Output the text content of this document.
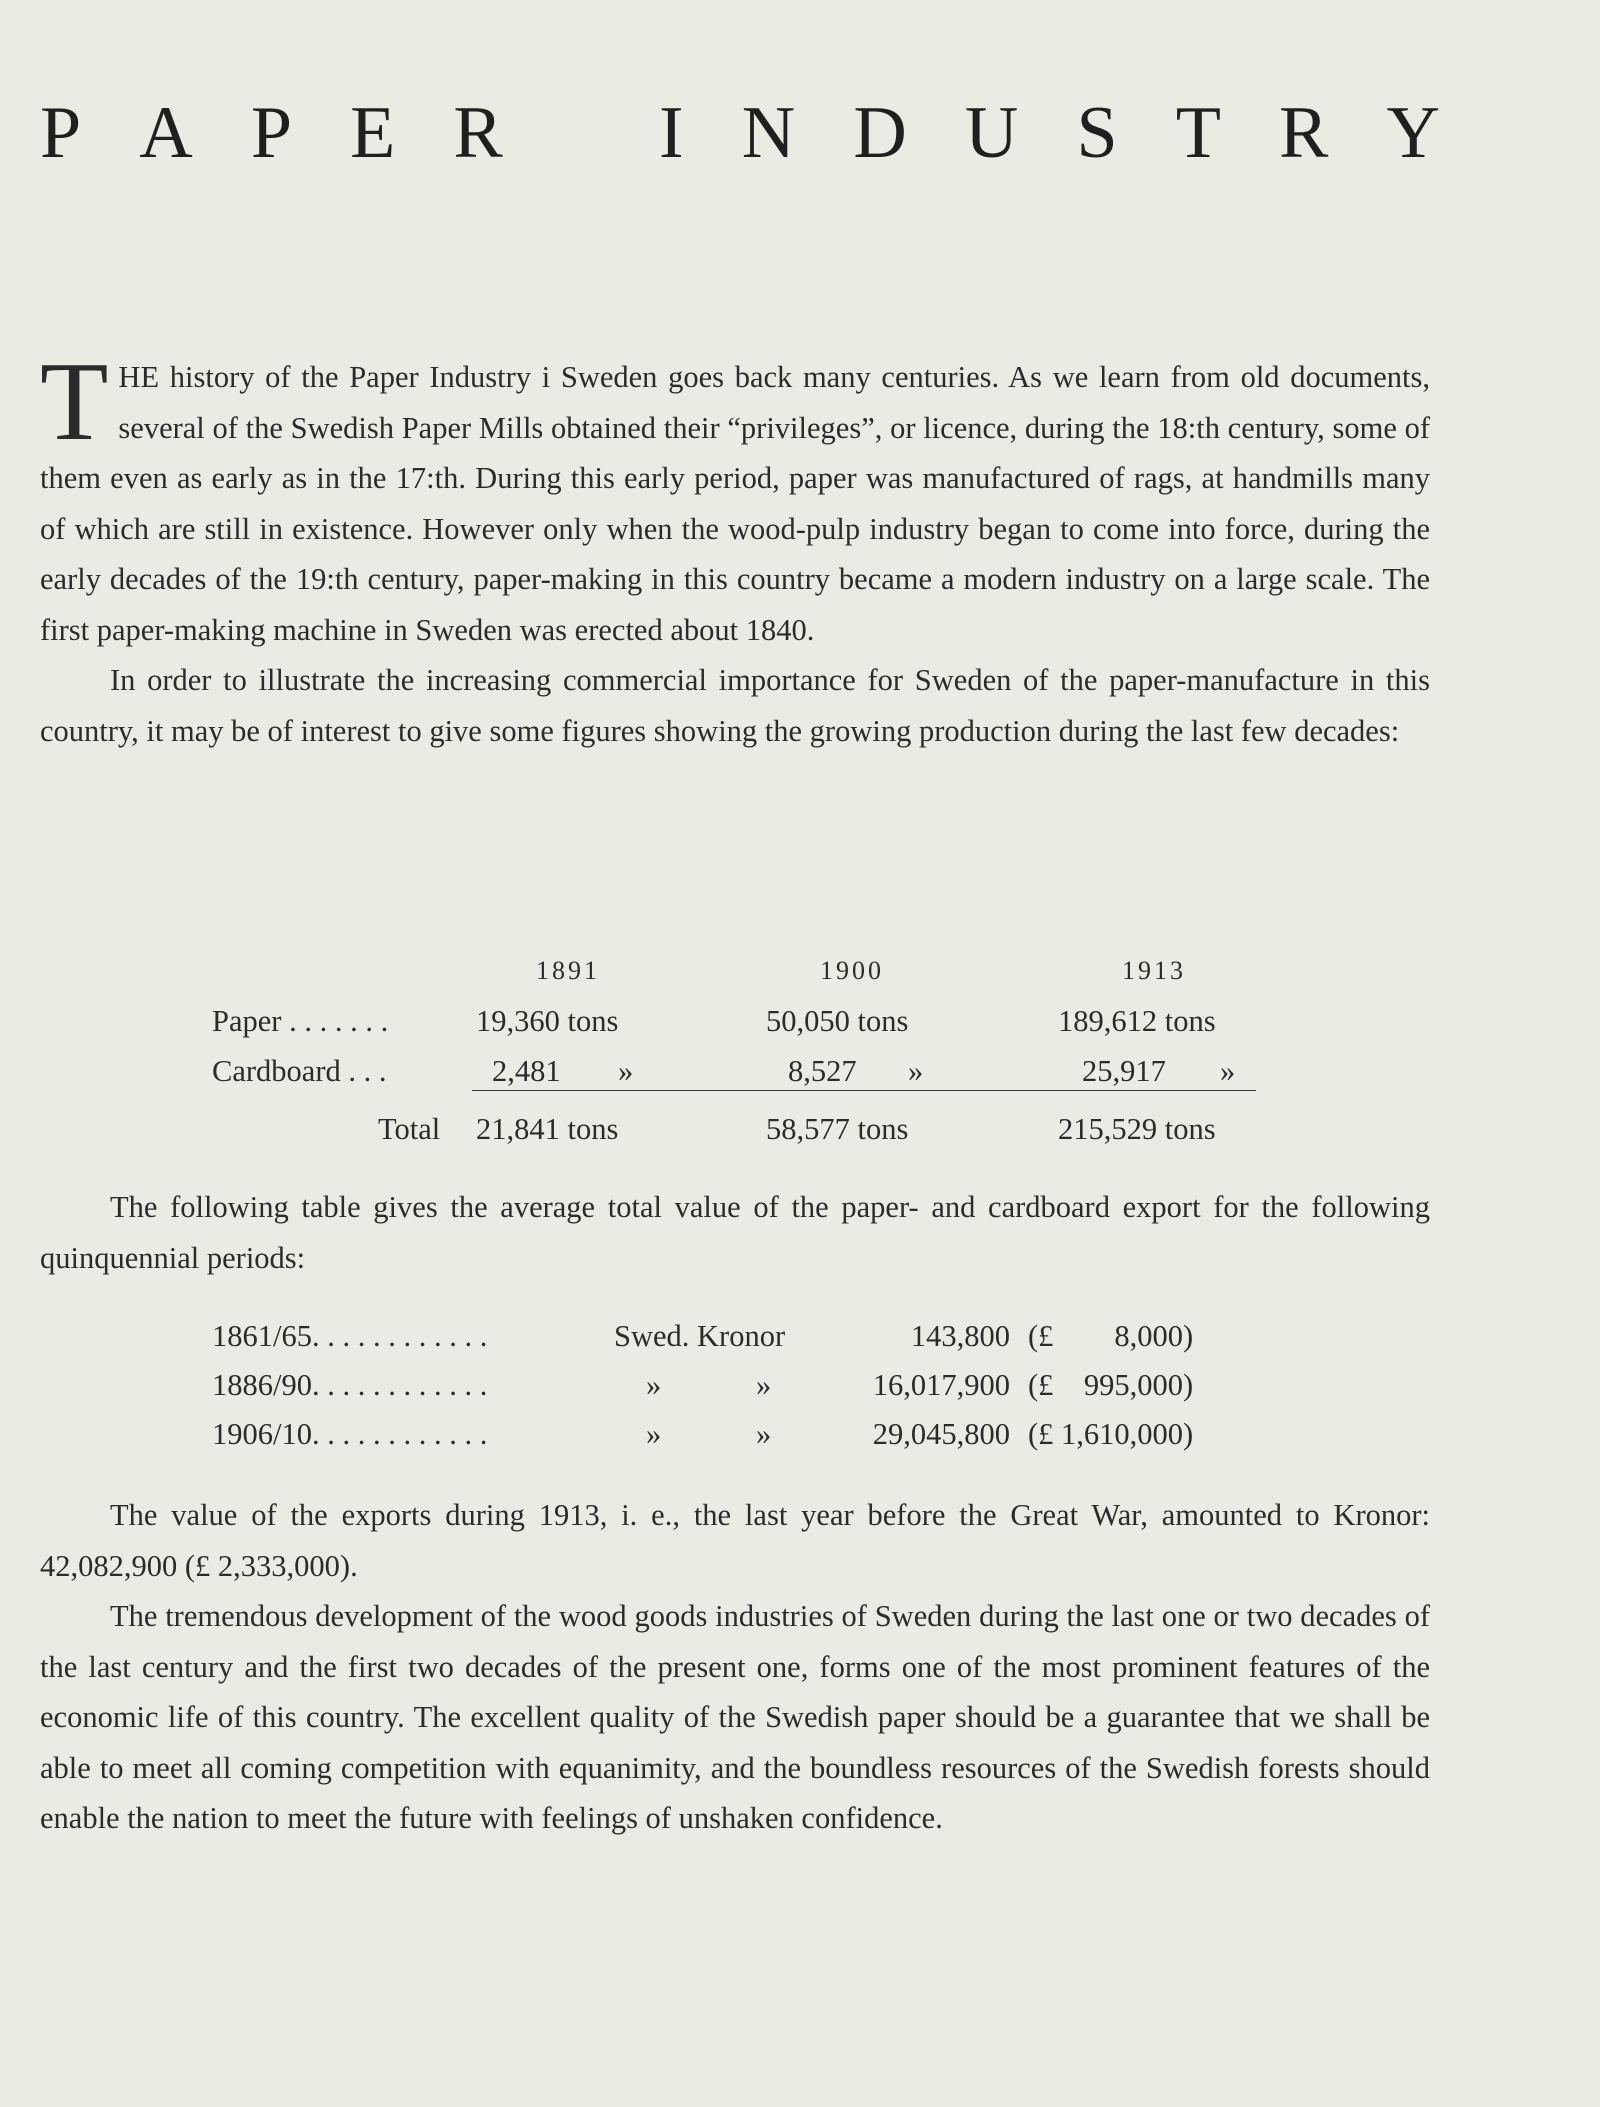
P A P E R I N D U S T R Y

THE history of the Paper Industry i Sweden goes back many centuries. As we learn from old documents, several of the Swedish Paper Mills obtained their “privileges”, or licence, during the 18:th century, some of them even as early as in the 17:th. During this early period, paper was manufactured of rags, at handmills many of which are still in existence. However only when the wood-pulp industry began to come into force, during the early decades of the 19:th century, paper-making in this country became a modern industry on a large scale. The first paper-making machine in Sweden was erected about 1840.

In order to illustrate the increasing commercial importance for Sweden of the paper-manufacture in this country, it may be of interest to give some figures showing the growing production during the last few decades:

1891	1900	1913
Paper . . . . . . .	19,360 tons	50,050 tons	189,612 tons
Cardboard . . .	2,481 »	8,527 »	25,917 »
Total 21,841 tons	58,577 tons	215,529 tons

The following table gives the average total value of the paper- and cardboard export for the following quinquennial periods:

1861/65. . . . . . . . . . . .	Swed. Kronor	143,800 (£        8,000)
1886/90. . . . . . . . . . . .	»	»	16,017,900 (£    995,000)
1906/10. . . . . . . . . . . .	»	»	29,045,800 (£ 1,610,000)

The value of the exports during 1913, i. e., the last year before the Great War, amounted to Kronor: 42,082,900 (£ 2,333,000).

The tremendous development of the wood goods industries of Sweden during the last one or two decades of the last century and the first two decades of the present one, forms one of the most prominent features of the economic life of this country. The excellent quality of the Swedish paper should be a guarantee that we shall be able to meet all coming competition with equanimity, and the boundless resources of the Swedish forests should enable the nation to meet the future with feelings of unshaken confidence.
